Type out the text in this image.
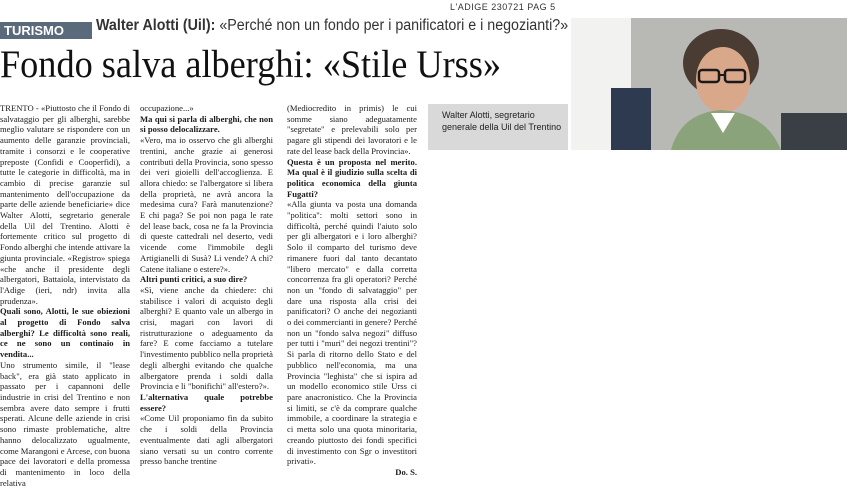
L'ADIGE 230721 PAG 5
TURISMO	Walter Alotti (Uil): «Perché non un fondo per i panificatori e i negozianti?»
Fondo salva alberghi: «Stile Urss»
Walter Alotti, segretario generale della Uil del Trentino

TRENTO - «Piuttosto che il Fondo di salvataggio per gli alberghi, sarebbe meglio valutare se rispondere con un aumento delle garanzie provinciali, tramite i consorzi e le cooperative preposte (Confidi e Cooperfidi), a tutte le categorie in difficoltà, ma in cambio di precise garanzie sul mantenimento dell'occupazione da parte delle aziende beneficiarie» dice Walter Alotti, segretario generale della Uil del Trentino. Alotti è fortemente critico sul progetto di Fondo alberghi che intende attivare la giunta provinciale. «Registro» spiega «che anche il presidente degli albergatori, Battaiola, intervistato da l'Adige (ieri, ndr) invita alla prudenza».

Quali sono, Alotti, le sue obiezioni al progetto di Fondo salva alberghi? Le difficoltà sono reali, ce ne sono un continaio in vendita...

Uno strumento simile, il "lease back", era già stato applicato in passato per i capannoni delle industrie in crisi del Trentino e non sembra avere dato sempre i frutti sperati. Alcune delle aziende in crisi sono rimaste problematiche, altre hanno delocalizzato ugualmente, come Marangoni e Arcese, con buona pace dei lavoratori e della promessa di mantenimento in loco della relativa

occupazione...»

Ma qui si parla di alberghi, che non si posso delocalizzare.

«Vero, ma io osservo che gli alberghi trentini, anche grazie ai generosi contributi della Provincia, sono spesso dei veri gioielli dell'accoglienza. E allora chiedo: se l'albergatore si libera della proprietà, ne avrà ancora la medesima cura? Farà manutenzione? E chi paga? Se poi non paga le rate del lease back, cosa ne fa la Provincia di queste cattedrali nel deserto, vedi vicende come l'immobile degli Artigianelli di Susà? Li vende? A chi? Catene italiane o estere?».

Altri punti critici, a suo dire?

«Sì, viene anche da chiedere: chi stabilisce i valori di acquisto degli alberghi? E quanto vale un albergo in crisi, magari con lavori di ristrutturazione o adeguamento da fare? E come facciamo a tutelare l'investimento pubblico nella proprietà degli alberghi evitando che qualche albergatore prenda i soldi dalla Provincia e li "bonifichi" all'estero?».

L'alternativa quale potrebbe essere?

«Come Uil proponiamo fin da subito che i soldi della Provincia eventualmente dati agli albergatori siano versati su un contro corrente presso banche trentine

(Mediocredito in primis) le cui somme siano adeguatamente "segretate" e prelevabili solo per pagare gli stipendi dei lavoratori e le rate del lease back della Provincia».

Questa è un proposta nel merito. Ma qual è il giudizio sulla scelta di politica economica della giunta Fugatti?

«Alla giunta va posta una domanda "politica": molti settori sono in difficoltà, perché quindi l'aiuto solo per gli albergatori e i loro alberghi? Solo il comparto del turismo deve rimanere fuori dal tanto decantato "libero mercato" e dalla corretta concorrenza fra gli operatori? Perché non un "fondo di salvataggio" per dare una risposta alla crisi dei panificatori? O anche dei negozianti o dei commercianti in genere? Perché non un "fondo salva negozi" diffuso per tutti i "muri" dei negozi trentini"? Si parla di ritorno dello Stato e del pubblico nell'economia, ma una Provincia "leghista" che si ispira ad un modello economico stile Urss ci pare anacronistico. Che la Provincia si limiti, se c'è da comprare qualche immobile, a coordinare la strategia e ci metta solo una quota minoritaria, creando piuttosto dei fondi specifici di investimento con Sgr o investitori privati».

Do. S.
